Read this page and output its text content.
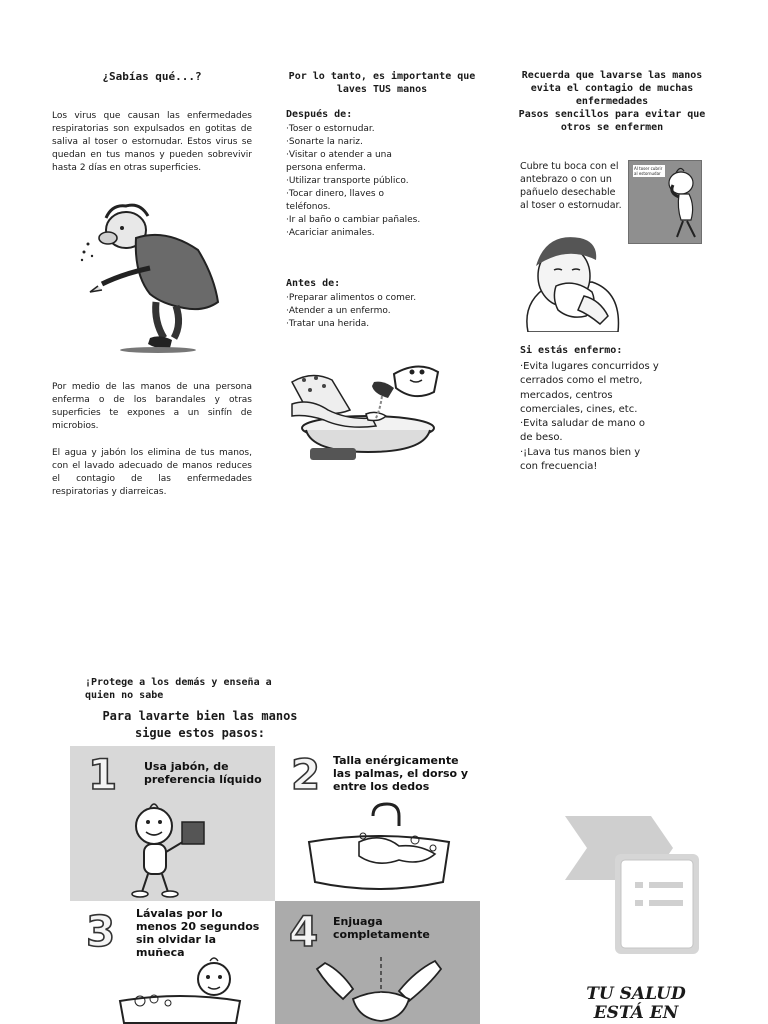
¿Sabías qué...?
Los virus que causan las enfermedades respiratorias son expulsados en gotitas de saliva al toser o estornudar. Estos virus se quedan en tus manos y pueden sobrevivir hasta 2 días en otras superficies.
Por medio de las manos de una persona enferma o de los barandales y otras superficies te expones a un sinfín de microbios.
El agua y jabón los elimina de tus manos, con el lavado adecuado de manos reduces el contagio de las enfermedades respiratorias y diarreicas.
Por lo tanto, es importante que laves TUS manos
Después de:
·Toser o estornudar.
·Sonarte la nariz.
·Visitar o atender a una persona enferma.
·Utilizar transporte público.
·Tocar dinero, llaves o teléfonos.
·Ir al baño o cambiar pañales.
·Acariciar animales.
Antes de:
·Preparar alimentos o comer.
·Atender a un enfermo.
·Tratar una herida.
Recuerda que lavarse las manos evita el contagio de muchas enfermedades
Pasos sencillos para evitar que otros se enfermen
Cubre tu boca con el antebrazo o con un pañuelo desechable al toser o estornudar.
Al toser cubrir al estornudar
Si estás enfermo:
·Evita lugares concurridos y cerrados como el metro, mercados, centros comerciales, cines, etc.
·Evita saludar de mano o de beso.
·¡Lava tus manos bien y con frecuencia!
¡Protege a los demás y enseña a quien no sabe
Para lavarte bien las manos sigue estos pasos:
1 Usa jabón, de preferencia líquido 2 Talla enérgicamente las palmas, el dorso y entre los dedos
3 Lávalas por lo menos 20 segundos sin olvidar la muñeca	4 Enjuaga completamente
TU SALUD ESTÁ EN
